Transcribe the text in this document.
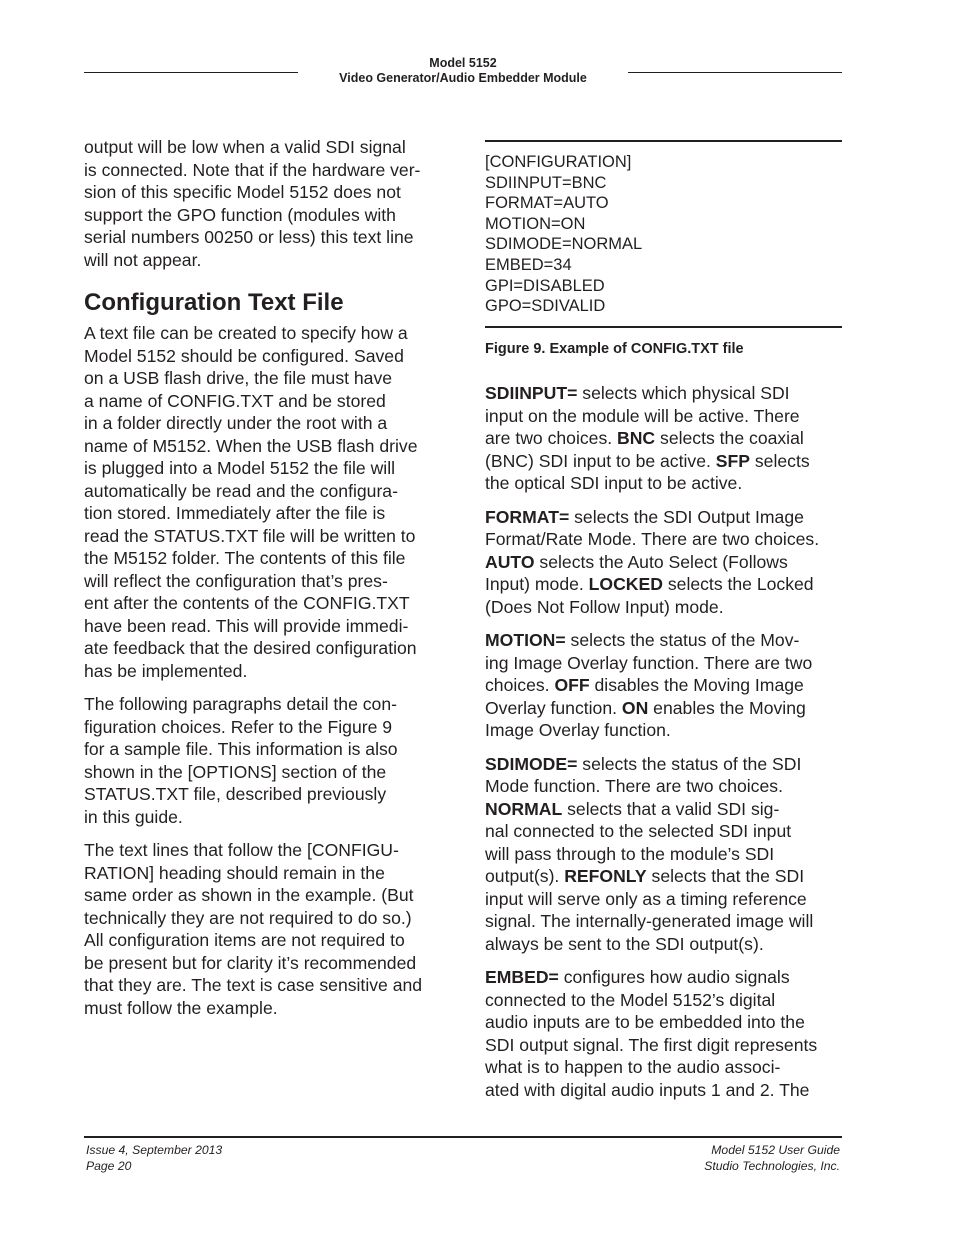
Model 5152
Video Generator/Audio Embedder Module

output will be low when a valid SDI signal
is connected. Note that if the hardware ver-
sion of this specific Model 5152 does not
support the GPO function (modules with
serial numbers 00250 or less) this text line
will not appear.

Configuration Text File

A text file can be created to specify how a
Model 5152 should be configured. Saved
on a USB flash drive, the file must have
a name of CONFIG.TXT and be stored
in a folder directly under the root with a
name of M5152. When the USB flash drive
is plugged into a Model 5152 the file will
automatically be read and the configura-
tion stored. Immediately after the file is
read the STATUS.TXT file will be written to
the M5152 folder. The contents of this file
will reflect the configuration that’s pres-
ent after the contents of the CONFIG.TXT
have been read. This will provide immedi-
ate feedback that the desired configuration
has be implemented.

The following paragraphs detail the con-
figuration choices. Refer to the Figure 9
for a sample file. This information is also
shown in the [OPTIONS] section of the
STATUS.TXT file, described previously
in this guide.

The text lines that follow the [CONFIGU-
RATION] heading should remain in the
same order as shown in the example. (But
technically they are not required to do so.)
All configuration items are not required to
be present but for clarity it’s recommended
that they are. The text is case sensitive and
must follow the example.

[CONFIGURATION]
SDIINPUT=BNC
FORMAT=AUTO
MOTION=ON
SDIMODE=NORMAL
EMBED=34
GPI=DISABLED
GPO=SDIVALID
Figure 9. Example of CONFIG.TXT file

SDIINPUT= selects which physical SDI
input on the module will be active. There
are two choices. BNC selects the coaxial
(BNC) SDI input to be active. SFP selects
the optical SDI input to be active.

FORMAT= selects the SDI Output Image
Format/Rate Mode. There are two choices.
AUTO selects the Auto Select (Follows
Input) mode. LOCKED selects the Locked
(Does Not Follow Input) mode.

MOTION= selects the status of the Mov-
ing Image Overlay function. There are two
choices. OFF disables the Moving Image
Overlay function. ON enables the Moving
Image Overlay function.

SDIMODE= selects the status of the SDI
Mode function. There are two choices.
NORMAL selects that a valid SDI sig-
nal connected to the selected SDI input
will pass through to the module’s SDI
output(s). REFONLY selects that the SDI
input will serve only as a timing reference
signal. The internally-generated image will
always be sent to the SDI output(s).

EMBED= configures how audio signals
connected to the Model 5152’s digital
audio inputs are to be embedded into the
SDI output signal. The first digit represents
what is to happen to the audio associ-
ated with digital audio inputs 1 and 2. The

Issue 4, September 2013
Page 20
Model 5152 User Guide
Studio Technologies, Inc.
